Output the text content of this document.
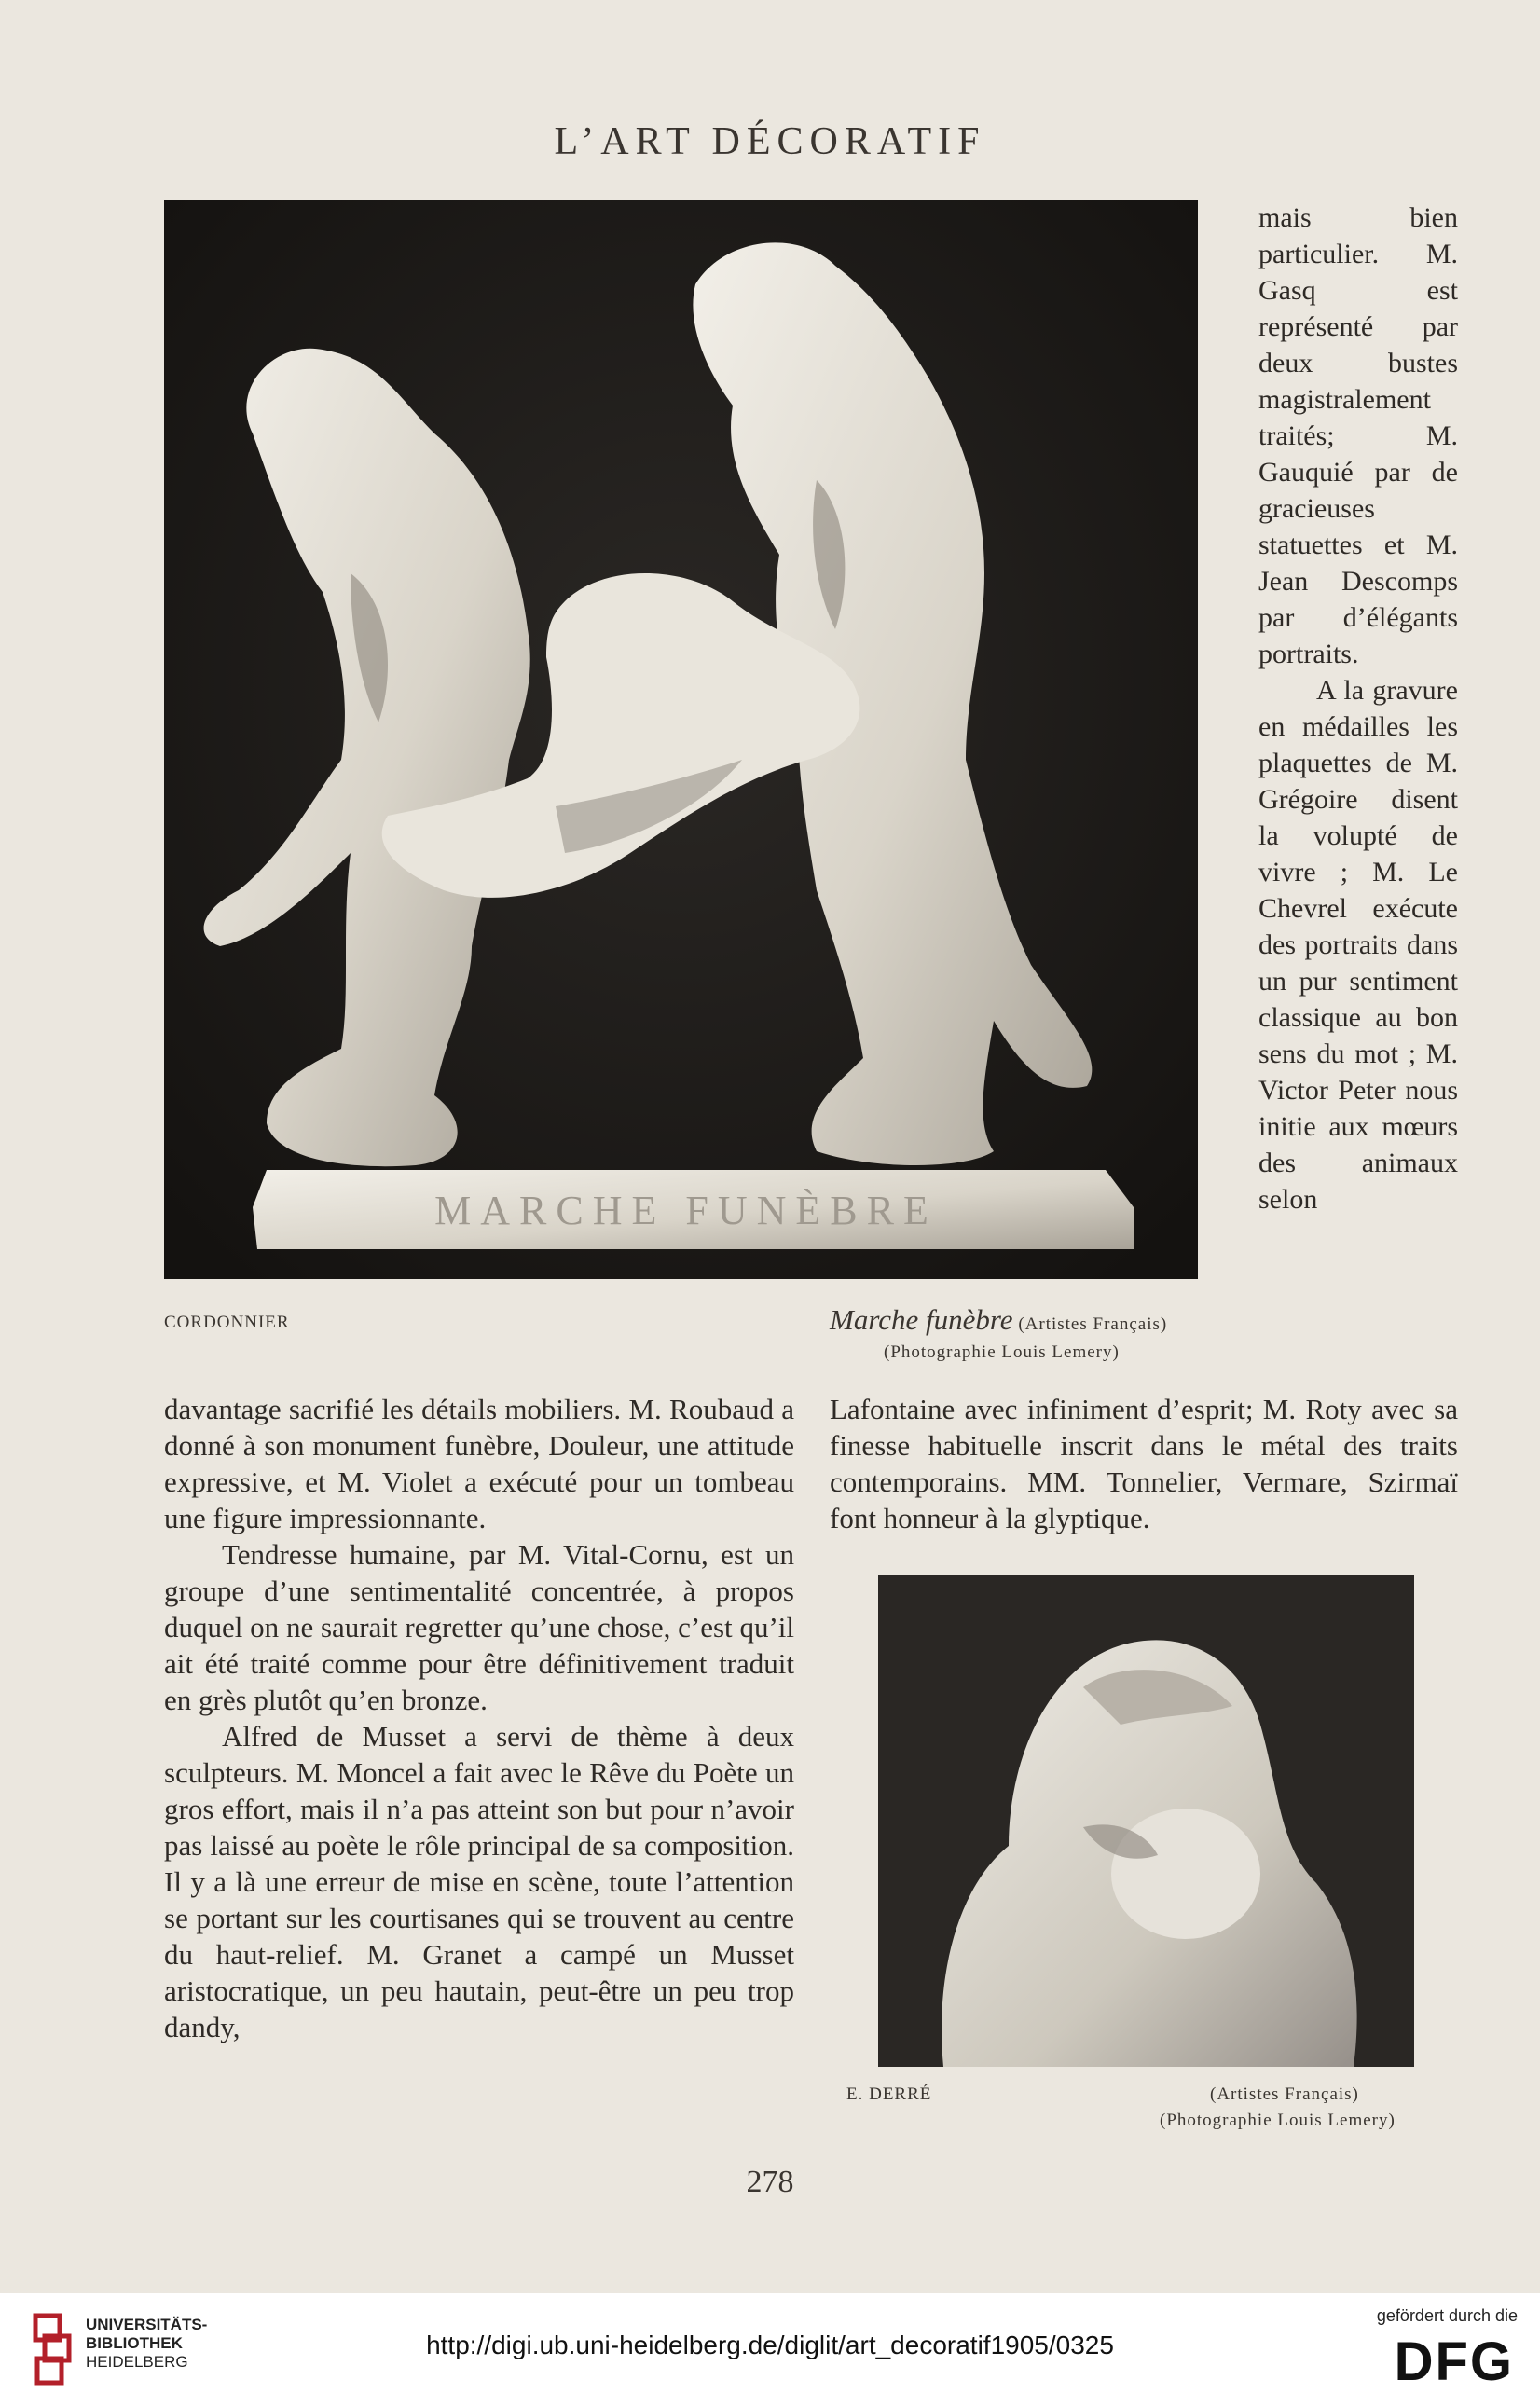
L’ART DÉCORATIF
MARCHE FUNÈBRE

mais bien particulier. M. Gasq est représenté par deux bustes magistralement traités; M. Gauquié par de gracieuses statuettes et M. Jean Descomps par d’élégants portraits.

A la gravure en médailles les plaquettes de M. Grégoire disent la volupté de vivre ; M. Le Chevrel exécute des portraits dans un pur sentiment classique au bon sens du mot ; M. Victor Peter nous initie aux mœurs des animaux selon

CORDONNIER	Marche funèbre (Artistes Français)
(Photographie Louis Lemery)

davantage sacrifié les détails mobiliers. M. Roubaud a donné à son monument funèbre, Douleur, une attitude expressive, et M. Violet a exécuté pour un tombeau une figure impressionnante.

Tendresse humaine, par M. Vital-Cornu, est un groupe d’une sentimentalité concentrée, à propos duquel on ne saurait regretter qu’une chose, c’est qu’il ait été traité comme pour être définitivement traduit en grès plutôt qu’en bronze.

Alfred de Musset a servi de thème à deux sculpteurs. M. Moncel a fait avec le Rêve du Poète un gros effort, mais il n’a pas atteint son but pour n’avoir pas laissé au poète le rôle principal de sa composition. Il y a là une erreur de mise en scène, toute l’attention se portant sur les courtisanes qui se trouvent au centre du haut-relief. M. Granet a campé un Musset aristocratique, un peu hautain, peut-être un peu trop dandy,

Lafontaine avec infiniment d’esprit; M. Roty avec sa finesse habituelle inscrit dans le métal des traits contemporains. MM. Tonnelier, Vermare, Szirmaï font honneur à la glyptique.

E. DERRÉ	(Artistes Français)
(Photographie Louis Lemery)
278
UNIVERSITÄTS-
BIBLIOTHEK
HEIDELBERG
http://digi.ub.uni-heidelberg.de/diglit/art_decoratif1905/0325
gefördert durch die
DFG
